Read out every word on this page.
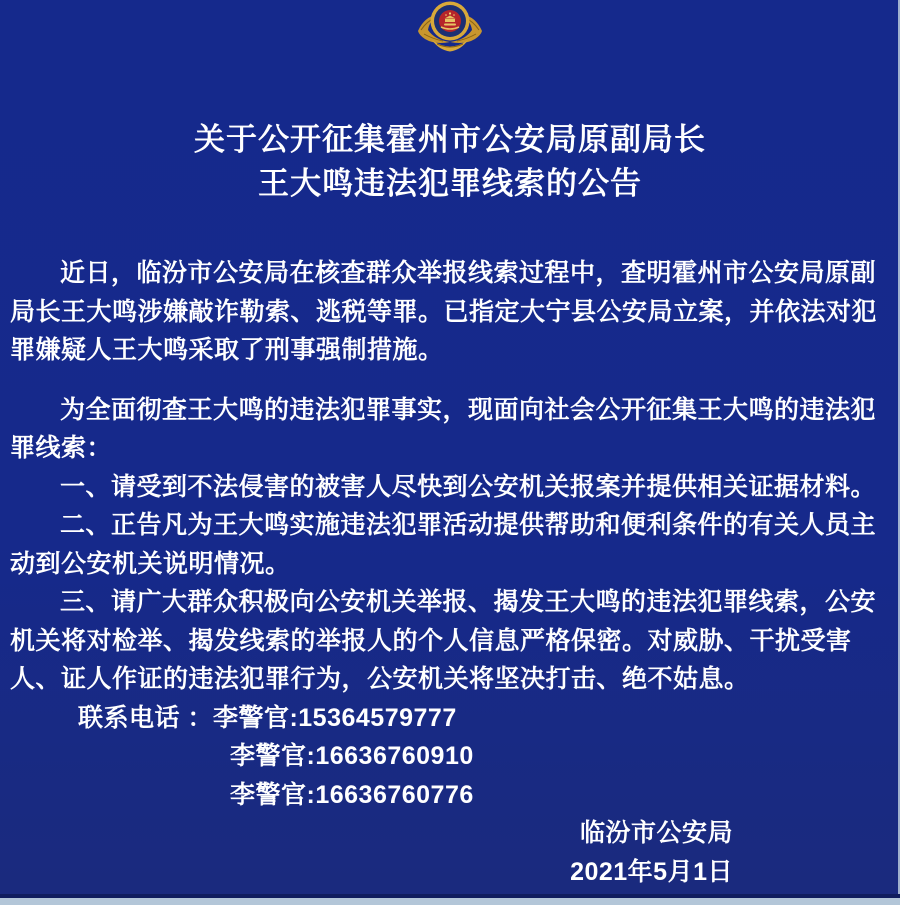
关于公开征集霍州市公安局原副局长
王大鸣违法犯罪线索的公告

近日，临汾市公安局在核查群众举报线索过程中，查明霍州市公安局原副局长王大鸣涉嫌敲诈勒索、逃税等罪。已指定大宁县公安局立案，并依法对犯罪嫌疑人王大鸣采取了刑事强制措施。

为全面彻查王大鸣的违法犯罪事实，现面向社会公开征集王大鸣的违法犯罪线索：

一、请受到不法侵害的被害人尽快到公安机关报案并提供相关证据材料。

二、正告凡为王大鸣实施违法犯罪活动提供帮助和便利条件的有关人员主动到公安机关说明情况。

三、请广大群众积极向公安机关举报、揭发王大鸣的违法犯罪线索，公安机关将对检举、揭发线索的举报人的个人信息严格保密。对威胁、干扰受害人、证人作证的违法犯罪行为，公安机关将坚决打击、绝不姑息。

联系电话 ：李警官:15364579777
李警官:16636760910
李警官:16636760776
临汾市公安局
2021年5月1日
